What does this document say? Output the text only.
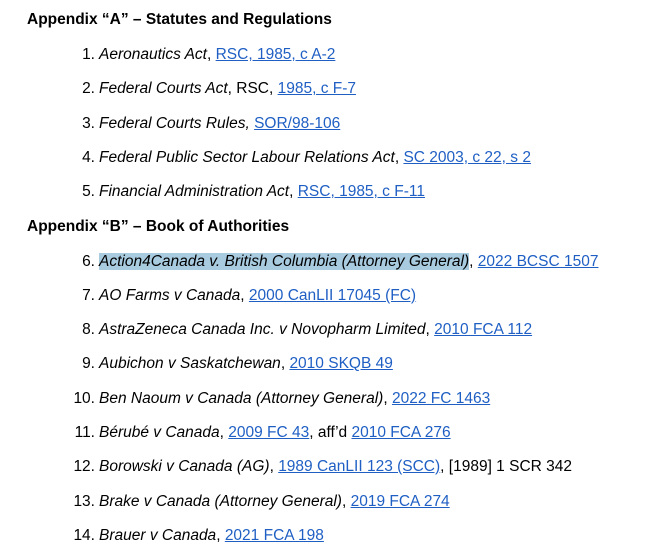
Appendix “A” – Statutes and Regulations
1. Aeronautics Act, RSC, 1985, c A-2
2. Federal Courts Act, RSC, 1985, c F-7
3. Federal Courts Rules, SOR/98-106
4. Federal Public Sector Labour Relations Act, SC 2003, c 22, s 2
5. Financial Administration Act, RSC, 1985, c F-11
Appendix “B” – Book of Authorities
6. Action4Canada v. British Columbia (Attorney General), 2022 BCSC 1507
7. AO Farms v Canada, 2000 CanLII 17045 (FC)
8. AstraZeneca Canada Inc. v Novopharm Limited, 2010 FCA 112
9. Aubichon v Saskatchewan, 2010 SKQB 49
10. Ben Naoum v Canada (Attorney General), 2022 FC 1463
11. Bérubé v Canada, 2009 FC 43, aff’d 2010 FCA 276
12. Borowski v Canada (AG), 1989 CanLII 123 (SCC), [1989] 1 SCR 342
13. Brake v Canada (Attorney General), 2019 FCA 274
14. Brauer v Canada, 2021 FCA 198
